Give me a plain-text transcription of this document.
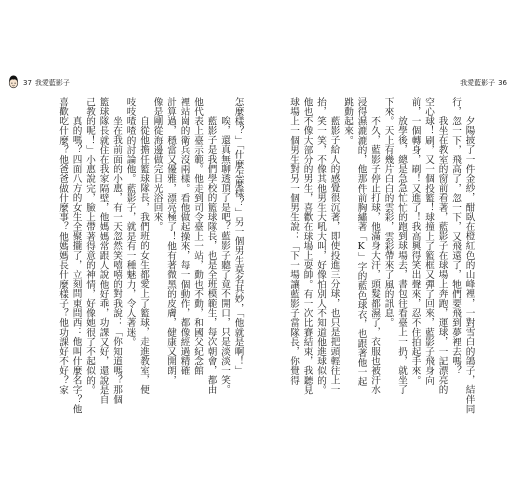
37 我愛藍影子
怎麼樣？」「什麼怎麼樣？」另一個男生莫名其妙，「他就是啊！」
唉，還真無聊透頂了是吧？藍影子聽了竟不開口，只是淡淡一笑。
藍影子是我們學校的籃球隊長，也是全班模範生，每次朝會，都由
他代表上臺示範。他走到司令臺上一站，動也不動，和國父紀念館
裡站崗的衛兵沒兩樣。看他做起操來，每一個動作，都像經過精確
計算過，穩當又優雅，漂亮極了！他有著微黑的皮膚，健康又開朗，
像是剛從海邊做完日光浴回來。
自從他擔任籃球隊長，我們班的女生都愛上了籃球，走進教室，便
吱吱喳喳的討論他。藍影子，就是有一種魅力，令人著迷。
坐在我前面的小惠，有一天忽然笑嘻嘻的對我說：「你知道嗎？那個
籃球隊長就住在我家隔壁，他媽媽常跟人說他好乖，功課又好，還說是自
己教的呢！」小惠說完，臉上帶著得意的神情，好像她很了不起似的。
真的嗎？四面八方的女生全聚攏了，立刻問東問西：他叫什麼名字？他
喜歡吃什麼？他爸爸做什麼事？他媽媽長什麼樣子？他功課好不好？家
我愛藍影子 36
夕陽披了一件金紗，酣臥在橙紅色的山峰裡，一對雪白的鴿子，結伴同
行，忽一下，飛高了，忽一下，又飛遠了，牠們要飛到夢裡去嗎？
我坐在教室的窗前看著，藍影子在球場上奔跑，運球，一記漂亮的
空心球！刷，又一個投籃！球撞上了籃框又彈了回來，藍影子飛身向
前，一個轉身，刷！又進了！我高興得笑出聲來，忍不住拍起手來。
放學後，總是急急忙忙的跑到球場去，書包往看臺上一扔，就坐了
下來。天上有幾片白白的雲彩，雲彩帶來了風的訊息。
不久，藍影子停止打球，他滿身大汗，頭髮都濕了，衣服也被汗水
浸得濕漉漉的，他那件前胸繡著「K」字的藍色球衣，也跟著他一起
跳動起來。
藍影子給人的感覺很沉著，即使投進三分球，也只是把頭輕往上一
抬，笑一笑，不像其他男生大吼大叫，好像怕別人不知道他進球似的。
他也不像大部分的男生，喜歡在球場上耍帥。有一次比賽結束，我聽見
球場上一個男生對另一個男生說：「下一場讓藍影子當隊長，你覺得
